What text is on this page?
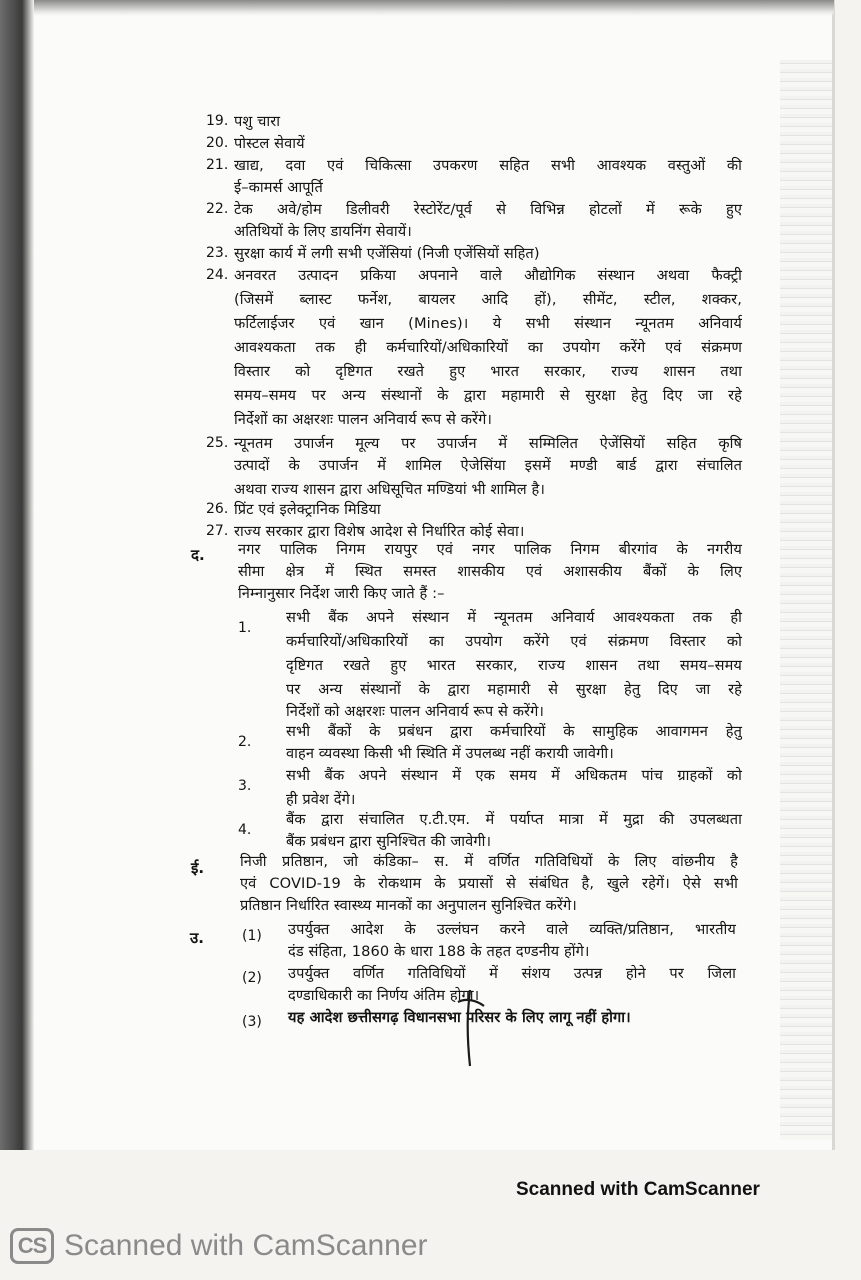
19. पशु चारा
20. पोस्टल सेवायें
21. खाद्य, दवा एवं चिकित्सा उपकरण सहित सभी आवश्यक वस्तुओं की
ई–कामर्स आपूर्ति
22. टेक अवे/होम डिलीवरी रेस्टोरेंट/पूर्व से विभिन्न होटलों में रूके हुए
अतिथियों के लिए डायनिंग सेवायें।
23. सुरक्षा कार्य में लगी सभी एजेंसियां (निजी एजेंसियों सहित)
24. अनवरत उत्पादन प्रकिया अपनाने वाले औद्योगिक संस्थान अथवा फैक्ट्री
(जिसमें ब्लास्ट फर्नेश, बायलर आदि हों), सीमेंट, स्टील, शक्कर,
फर्टिलाईजर एवं खान (Mines)। ये सभी संस्थान न्यूनतम अनिवार्य
आवश्यकता तक ही कर्मचारियों/अधिकारियों का उपयोग करेंगे एवं संक्रमण
विस्तार को दृष्टिगत रखते हुए भारत सरकार, राज्य शासन तथा
समय–समय पर अन्य संस्थानों के द्वारा महामारी से सुरक्षा हेतु दिए जा रहे
निर्देशों का अक्षरशः पालन अनिवार्य रूप से करेंगे।
25. न्यूनतम उपार्जन मूल्य पर उपार्जन में सम्मिलित ऐजेंसियों सहित कृषि
उत्पादों के उपार्जन में शामिल ऐजेसिंया इसमें मण्डी बार्ड द्वारा संचालित
अथवा राज्य शासन द्वारा अधिसूचित मण्डियां भी शामिल है।
26. प्रिंट एवं इलेक्ट्रानिक मिडिया
27. राज्य सरकार द्वारा विशेष आदेश से निर्धारित कोई सेवा।
द. नगर पालिक निगम रायपुर एवं नगर पालिक निगम बीरगांव के नगरीय
सीमा क्षेत्र में स्थित समस्त शासकीय एवं अशासकीय बैंकों के लिए
निम्नानुसार निर्देश जारी किए जाते हैं :–
1.
सभी बैंक अपने संस्थान में न्यूनतम अनिवार्य आवश्यकता तक ही
कर्मचारियों/अधिकारियों का उपयोग करेंगे एवं संक्रमण विस्तार को
दृष्टिगत रखते हुए भारत सरकार, राज्य शासन तथा समय–समय
पर अन्य संस्थानों के द्वारा महामारी से सुरक्षा हेतु दिए जा रहे
निर्देशों को अक्षरशः पालन अनिवार्य रूप से करेंगे।
2.
सभी बैंकों के प्रबंधन द्वारा कर्मचारियों के सामुहिक आवागमन हेतु
वाहन व्यवस्था किसी भी स्थिति में उपलब्ध नहीं करायी जावेगी।
3.
सभी बैंक अपने संस्थान में एक समय में अधिकतम पांच ग्राहकों को
ही प्रवेश देंगे।
4.
बैंक द्वारा संचालित ए.टी.एम. में पर्याप्त मात्रा में मुद्रा की उपलब्धता
बैंक प्रबंधन द्वारा सुनिश्चित की जावेगी।
ई. निजी प्रतिष्ठान, जो कंडिका– स. में वर्णित गतिविधियों के लिए वांछनीय है
एवं COVID-19 के रोकथाम के प्रयासों से संबंधित है, खुले रहेगें। ऐसे सभी
प्रतिष्ठान निर्धारित स्वास्थ्य मानकों का अनुपालन सुनिश्चित करेंगे।
उ.	(1) उपर्युक्त आदेश के उल्लंघन करने वाले व्यक्ति/प्रतिष्ठान, भारतीय
दंड संहिता, 1860 के धारा 188 के तहत दण्डनीय होंगे।
(2) उपर्युक्त वर्णित गतिविधियों में संशय उत्पन्न होने पर जिला
दण्डाधिकारी का निर्णय अंतिम होगा।
(3) यह आदेश छत्तीसगढ़ विधानसभा परिसर के लिए लागू नहीं होगा।
Scanned with CamScanner
CS Scanned with CamScanner
